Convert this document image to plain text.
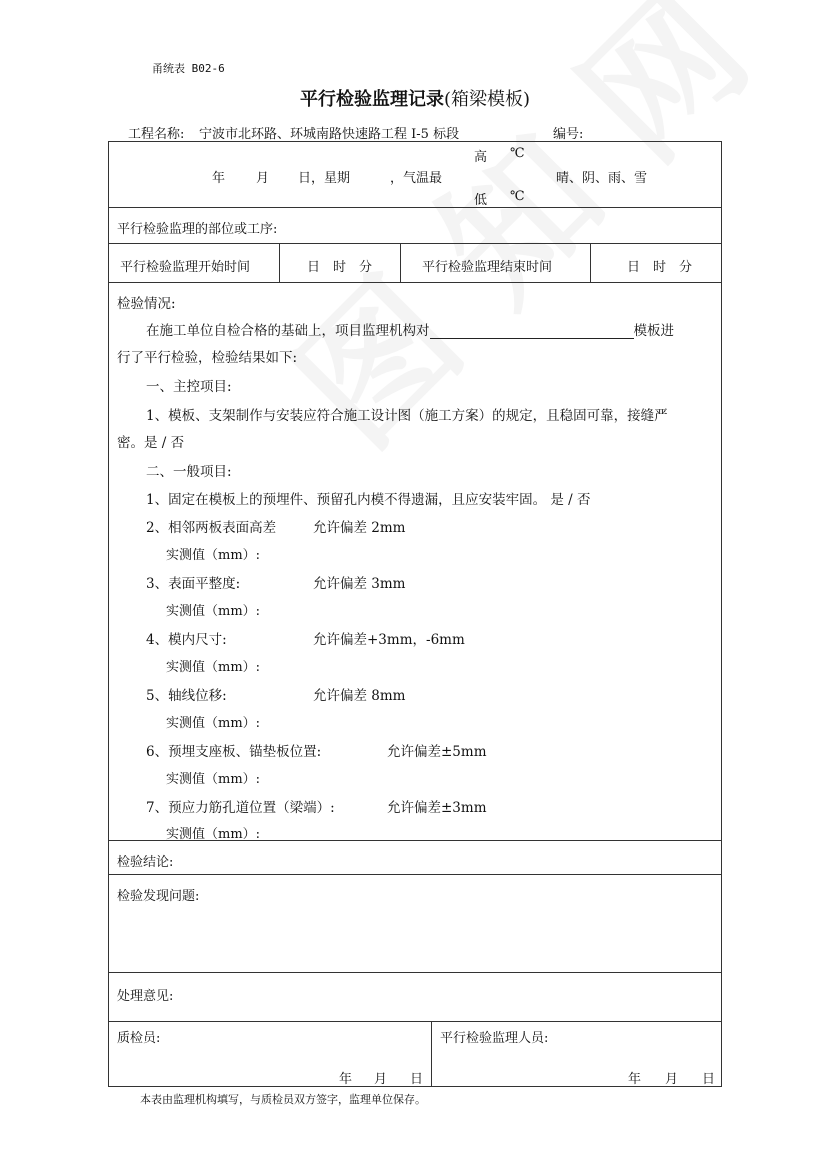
甬统表 B02-6
平行检验监理记录(箱梁模板)
工程名称: 宁波市北环路、环城南路快速路工程 I-5 标段	编号:
年 月 日，星期	，气温最
高 ℃
低 ℃
晴、阴、雨、雪
平行检验监理的部位或工序:
平行检验监理开始时间	日　时　分	平行检验监理结束时间	日　时　分
检验情况:
在施工单位自检合格的基础上，项目监理机构对	模板进
行了平行检验，检验结果如下:
一、主控项目:
1、模板、支架制作与安装应符合施工设计图（施工方案）的规定，且稳固可靠，接缝严
密。是 / 否
二、一般项目:
1、固定在模板上的预埋件、预留孔内模不得遗漏，且应安装牢固。 是 / 否
2、相邻两板表面高差	允许偏差 2mm
实测值（mm）:
3、表面平整度:	允许偏差 3mm
实测值（mm）:
4、模内尺寸:	允许偏差+3mm，-6mm
实测值（mm）:
5、轴线位移:	允许偏差 8mm
实测值（mm）:
6、预埋支座板、锚垫板位置:	允许偏差±5mm
实测值（mm）:
7、预应力筋孔道位置（梁端）:	允许偏差±3mm
实测值（mm）:
检验结论:
检验发现问题:
处理意见:
质检员:
年 月 日
平行检验监理人员:
年 月 日
本表由监理机构填写，与质检员双方签字，监理单位保存。
